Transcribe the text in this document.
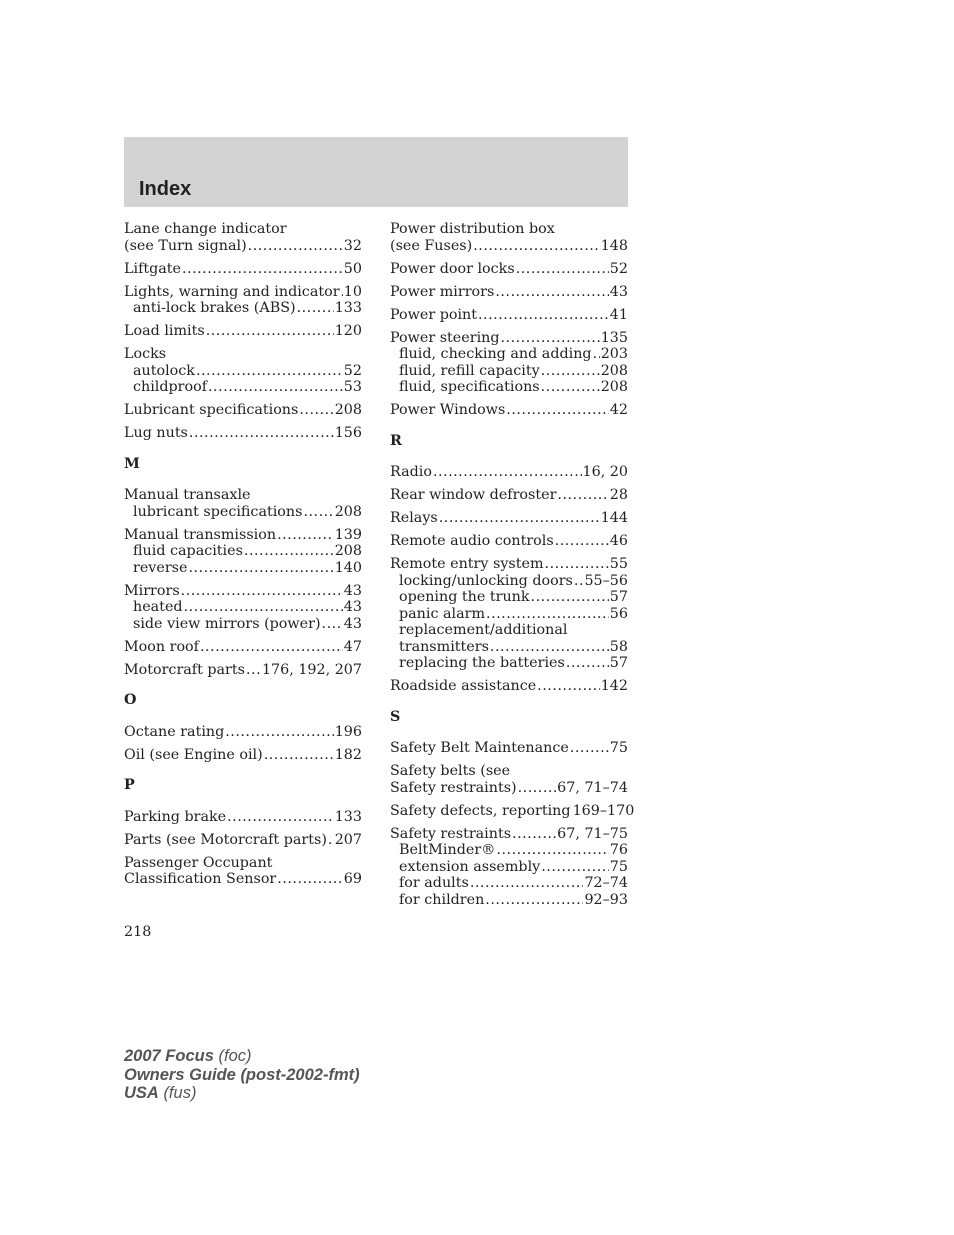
Index
Lane change indicator
(see Turn signal) .....	32
Liftgate .....	50
Lights, warning and indicator ..... 10
anti-lock brakes (ABS) .....	133
Load limits .....	120
Locks
autolock .....	52
childproof .....	53
Lubricant specifications .....	208
Lug nuts .....	156
M
Manual transaxle
lubricant specifications ..... 208
Manual transmission .....	139
fluid capacities .....	208
reverse .....	140
Mirrors .....	43
heated .....	43
side view mirrors (power) ..... 43
Moon roof .....	47
Motorcraft parts ..... 176, 192, 207
O
Octane rating .....	196
Oil (see Engine oil) .....	182
P
Parking brake .....	133
Parts (see Motorcraft parts) ..... 207
Passenger Occupant
Classification Sensor .....	69
Power distribution box
(see Fuses) .....	148
Power door locks .....	52
Power mirrors .....	43
Power point .....	41
Power steering .....	135
fluid, checking and adding ..... 203
fluid, refill capacity .....	208
fluid, specifications .....	208
Power Windows .....	42
R
Radio .....	16, 20
Rear window defroster .....	28
Relays .....	144
Remote audio controls .....	46
Remote entry system .....	55
locking/unlocking doors ..... 55–56
opening the trunk .....	57
panic alarm .....	56
replacement/additional
transmitters .....	58
replacing the batteries .....	57
Roadside assistance .....	142
S
Safety Belt Maintenance .....	75
Safety belts (see
Safety restraints) .....	67, 71–74
Safety defects, reporting 169–170
Safety restraints .....	67, 71–75
BeltMinder® .....	76
extension assembly .....	75
for adults .....	72–74
for children .....	92–93
218
2007 Focus (foc)
Owners Guide (post-2002-fmt)
USA (fus)
